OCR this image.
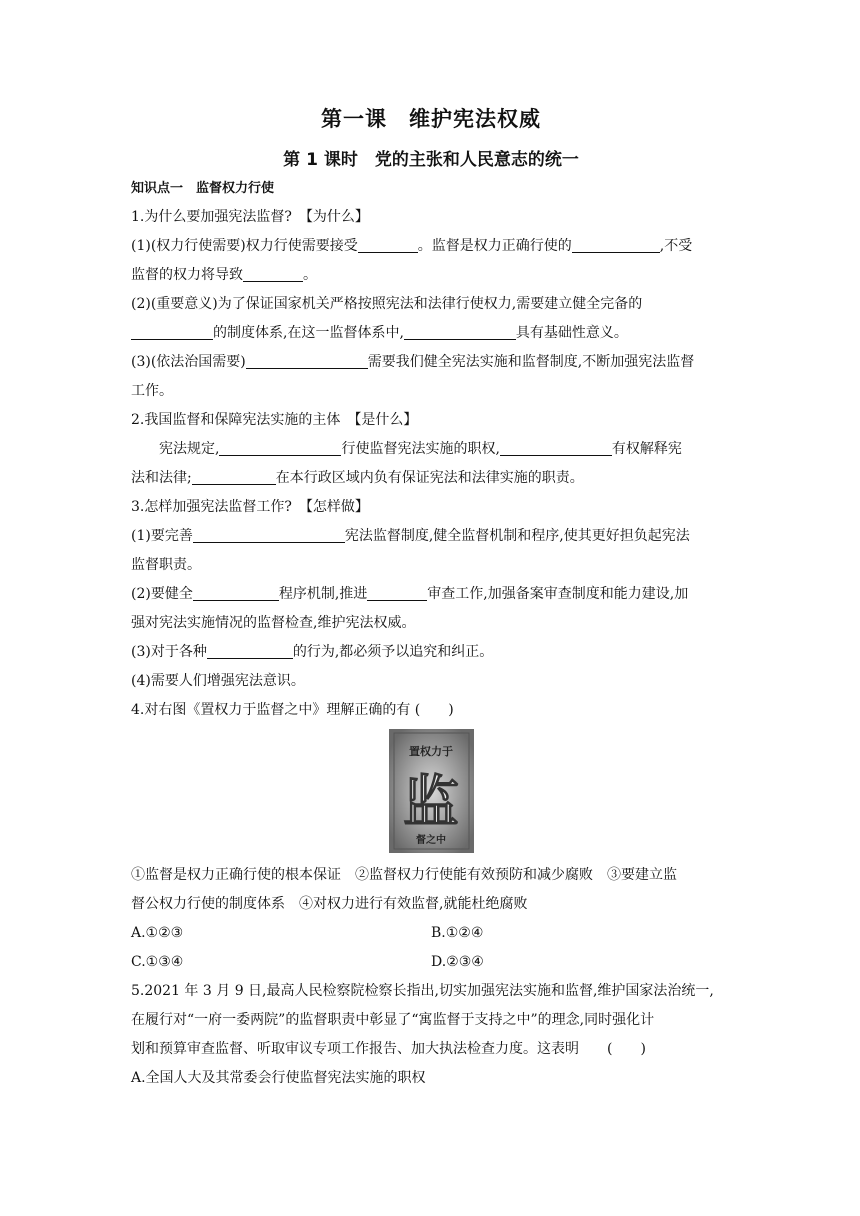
第一课　维护宪法权威
第 1 课时　党的主张和人民意志的统一
知识点一　监督权力行使
1.为什么要加强宪法监督?　【为什么】
(1)(权力行使需要)权力行使需要接受	。监督是权力正确行使的	,不受
监督的权力将导致	。
(2)(重要意义)为了保证国家机关严格按照宪法和法律行使权力,需要建立健全完备的
的制度体系,在这一监督体系中,	具有基础性意义。
(3)(依法治国需要)	需要我们健全宪法实施和监督制度,不断加强宪法监督
工作。
2.我国监督和保障宪法实施的主体　【是什么】
宪法规定,	行使监督宪法实施的职权,	有权解释宪
法和法律;	在本行政区域内负有保证宪法和法律实施的职责。
3.怎样加强宪法监督工作?　【怎样做】
(1)要完善	宪法监督制度,健全监督机制和程序,使其更好担负起宪法
监督职责。
(2)要健全	程序机制,推进	审查工作,加强备案审查制度和能力建设,加
强对宪法实施情况的监督检查,维护宪法权威。
(3)对于各种	的行为,都必须予以追究和纠正。
(4)需要人们增强宪法意识。
4.对右图《置权力于监督之中》理解正确的有 (　　)
置权力于
监
督之中
①监督是权力正确行使的根本保证　②监督权力行使能有效预防和减少腐败　③要建立监
督公权力行使的制度体系　④对权力进行有效监督,就能杜绝腐败
A.①②③	B.①②④
C.①③④	D.②③④
5.2021 年 3 月 9 日,最高人民检察院检察长指出,切实加强宪法实施和监督,维护国家法治统一,
在履行对“一府一委两院”的监督职责中彰显了“寓监督于支持之中”的理念,同时强化计
划和预算审查监督、听取审议专项工作报告、加大执法检查力度。这表明　　(　　)
A.全国人大及其常委会行使监督宪法实施的职权
